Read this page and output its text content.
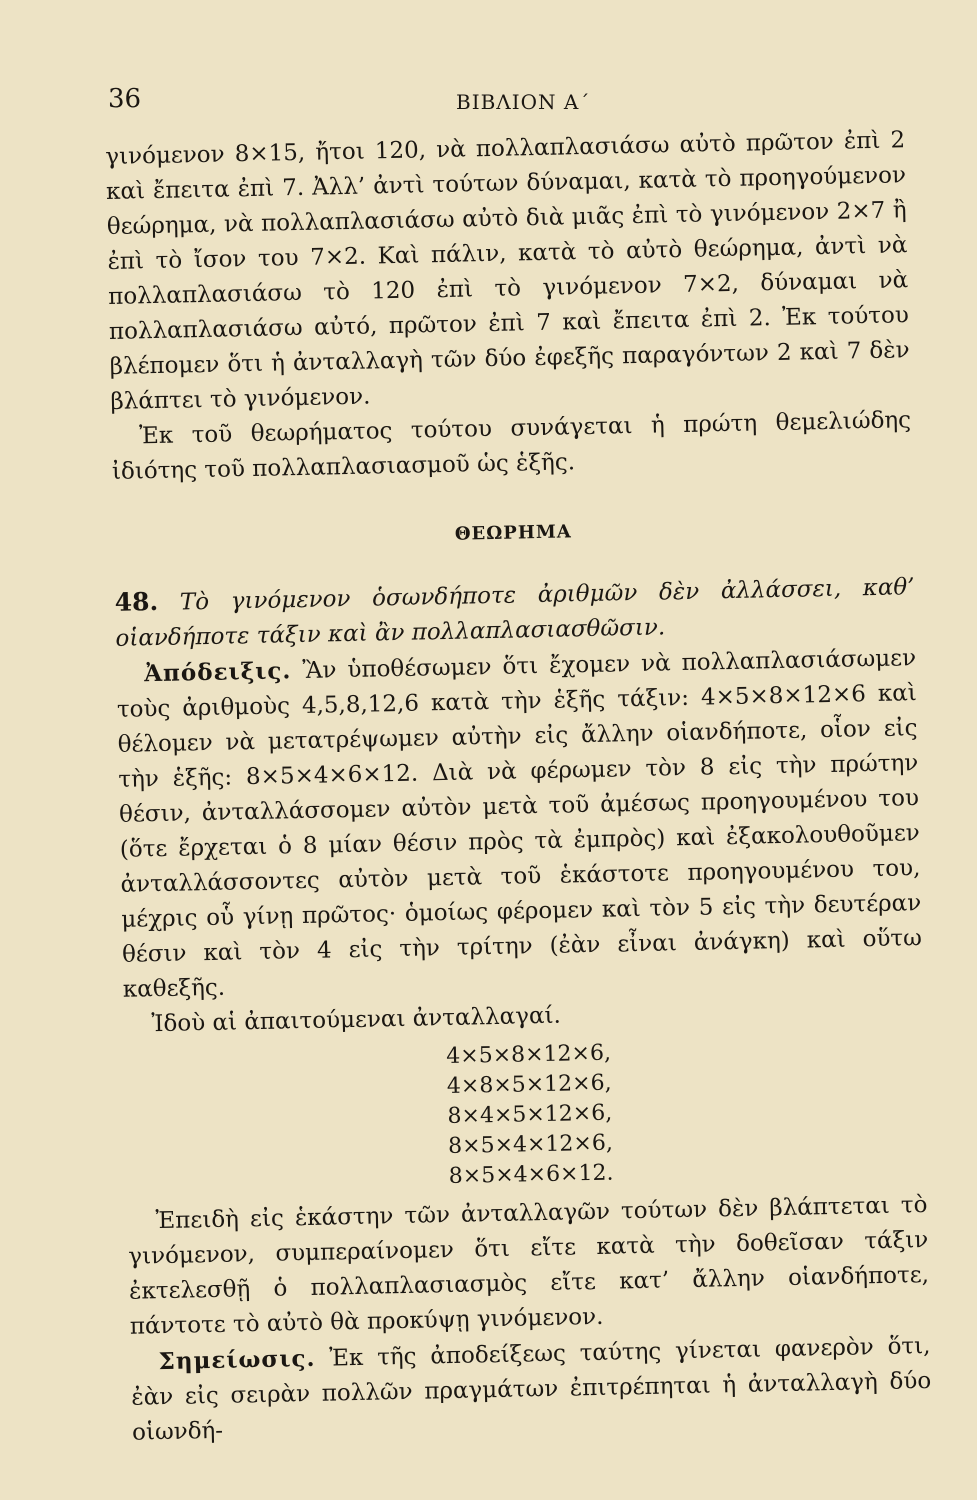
36	ΒΙΒΛΙΟΝ Α΄

γινόμενον 8×15, ἤτοι 120, νὰ πολλαπλασιάσω αὐτὸ πρῶτον ἐπὶ 2 καὶ ἔπειτα ἐπὶ 7. Ἀλλ’ ἀντὶ τούτων δύναμαι, κατὰ τὸ προηγούμενον θεώρημα, νὰ πολλαπλασιάσω αὐτὸ διὰ μιᾶς ἐπὶ τὸ γινόμενον 2×7 ἢ ἐπὶ τὸ ἴσον του 7×2. Καὶ πάλιν, κατὰ τὸ αὐτὸ θεώρημα, ἀντὶ νὰ πολλαπλασιάσω τὸ 120 ἐπὶ τὸ γινόμενον 7×2, δύναμαι νὰ πολλαπλασιάσω αὐτό, πρῶτον ἐπὶ 7 καὶ ἔπειτα ἐπὶ 2. Ἐκ τούτου βλέπομεν ὅτι ἡ ἀνταλλαγὴ τῶν δύο ἐφεξῆς παραγόντων 2 καὶ 7 δὲν βλάπτει τὸ γινόμενον.

Ἐκ τοῦ θεωρήματος τούτου συνάγεται ἡ πρώτη θεμελιώδης ἰδιότης τοῦ πολλαπλασιασμοῦ ὡς ἑξῆς.

ΘΕΩΡΗΜΑ

48. Τὸ γινόμενον ὁσωνδήποτε ἀριθμῶν δὲν ἀλλάσσει, καθ’ οἱανδήποτε τάξιν καὶ ἂν πολλαπλασιασθῶσιν.

Ἀπόδειξις. Ἂν ὑποθέσωμεν ὅτι ἔχομεν νὰ πολλαπλασιάσωμεν τοὺς ἀριθμοὺς 4,5,8,12,6 κατὰ τὴν ἑξῆς τάξιν: 4×5×8×12×6 καὶ θέλομεν νὰ μετατρέψωμεν αὐτὴν εἰς ἄλλην οἱανδήποτε, οἷον εἰς τὴν ἑξῆς: 8×5×4×6×12. Διὰ νὰ φέρωμεν τὸν 8 εἰς τὴν πρώτην θέσιν, ἀνταλλάσσομεν αὐτὸν μετὰ τοῦ ἀμέσως προηγουμένου του (ὅτε ἔρχεται ὁ 8 μίαν θέσιν πρὸς τὰ ἐμπρὸς) καὶ ἐξακολουθοῦμεν ἀνταλλάσσοντες αὐτὸν μετὰ τοῦ ἑκάστοτε προηγουμένου του, μέχρις οὗ γίνῃ πρῶτος· ὁμοίως φέρομεν καὶ τὸν 5 εἰς τὴν δευτέραν θέσιν καὶ τὸν 4 εἰς τὴν τρίτην (ἐὰν εἶναι ἀνάγκη) καὶ οὕτω καθεξῆς.

Ἰδοὺ αἱ ἀπαιτούμεναι ἀνταλλαγαί.

4×5×8×12×6,
4×8×5×12×6,
8×4×5×12×6,
8×5×4×12×6,
8×5×4×6×12.

Ἐπειδὴ εἰς ἑκάστην τῶν ἀνταλλαγῶν τούτων δὲν βλάπτεται τὸ γινόμενον, συμπεραίνομεν ὅτι εἴτε κατὰ τὴν δοθεῖσαν τάξιν ἐκτελεσθῇ ὁ πολλαπλασιασμὸς εἴτε κατ’ ἄλλην οἱανδήποτε, πάντοτε τὸ αὐτὸ θὰ προκύψῃ γινόμενον.

Σημείωσις. Ἐκ τῆς ἀποδείξεως ταύτης γίνεται φανερὸν ὅτι, ἐὰν εἰς σειρὰν πολλῶν πραγμάτων ἐπιτρέπηται ἡ ἀνταλλαγὴ δύο οἱωνδή-
